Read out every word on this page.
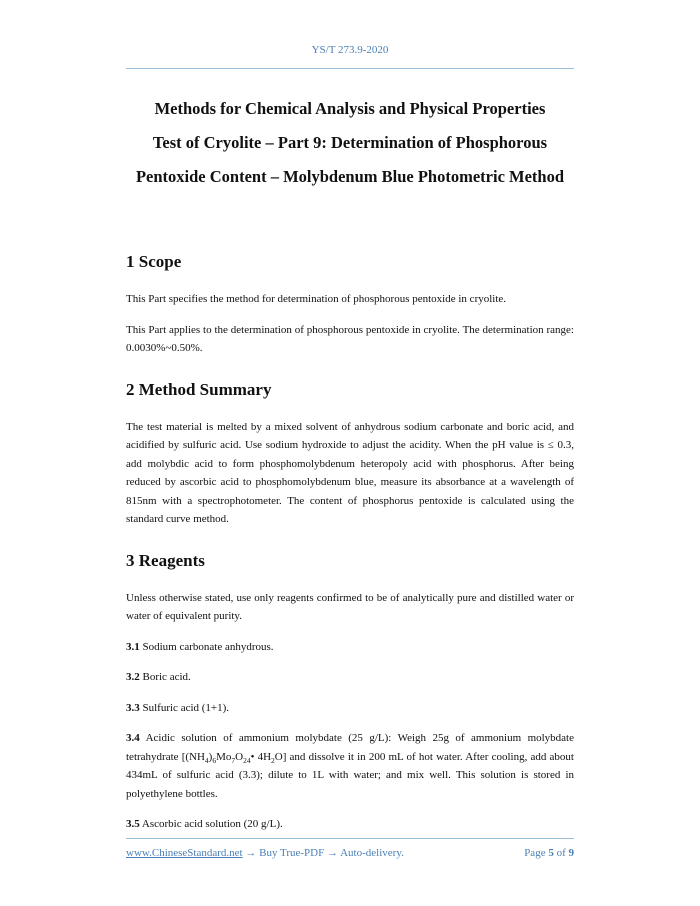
YS/T 273.9-2020
Methods for Chemical Analysis and Physical Properties
Test of Cryolite – Part 9: Determination of Phosphorous
Pentoxide Content – Molybdenum Blue Photometric Method
1 Scope

This Part specifies the method for determination of phosphorous pentoxide in cryolite.

This Part applies to the determination of phosphorous pentoxide in cryolite. The determination range: 0.0030%~0.50%.

2 Method Summary

The test material is melted by a mixed solvent of anhydrous sodium carbonate and boric acid, and acidified by sulfuric acid. Use sodium hydroxide to adjust the acidity. When the pH value is ≤ 0.3, add molybdic acid to form phosphomolybdenum heteropoly acid with phosphorus. After being reduced by ascorbic acid to phosphomolybdenum blue, measure its absorbance at a wavelength of 815nm with a spectrophotometer. The content of phosphorus pentoxide is calculated using the standard curve method.

3 Reagents

Unless otherwise stated, use only reagents confirmed to be of analytically pure and distilled water or water of equivalent purity.

3.1 Sodium carbonate anhydrous.

3.2 Boric acid.

3.3 Sulfuric acid (1+1).

3.4 Acidic solution of ammonium molybdate (25 g/L): Weigh 25g of ammonium molybdate tetrahydrate [$(NH_4)_6Mo_7O_{24}•$ $4H_2O$] and dissolve it in 200 mL of hot water. After cooling, add about 434mL of sulfuric acid (3.3); dilute to 1L with water; and mix well. This solution is stored in polyethylene bottles.

3.5 Ascorbic acid solution (20 g/L).

www.ChineseStandard.net → Buy True-PDF → Auto-delivery.	Page 5 of 9
